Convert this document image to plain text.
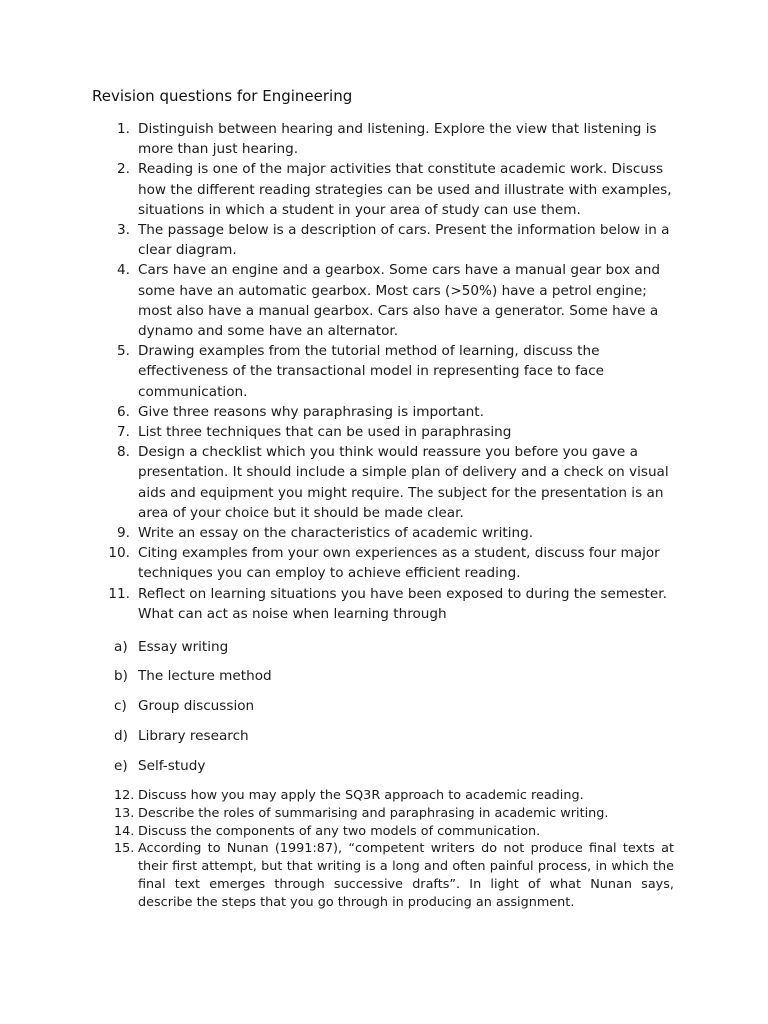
Revision questions for Engineering
1. Distinguish between hearing and listening. Explore the view that listening is more than just hearing.
2. Reading is one of the major activities that constitute academic work. Discuss how the different reading strategies can be used and illustrate with examples, situations in which a student in your area of study can use them.
3. The passage below is a description of cars. Present the information below in a clear diagram.
4. Cars have an engine and a gearbox. Some cars have a manual gear box and some have an automatic gearbox. Most cars (>50%) have a petrol engine; most also have a manual gearbox. Cars also have a generator. Some have a dynamo and some have an alternator.
5. Drawing examples from the tutorial method of learning, discuss the effectiveness of the transactional model in representing face to face communication.
6. Give three reasons why paraphrasing is important.
7. List three techniques that can be used in paraphrasing
8. Design a checklist which you think would reassure you before you gave a presentation. It should include a simple plan of delivery and a check on visual aids and equipment you might require. The subject for the presentation is an area of your choice but it should be made clear.
9. Write an essay on the characteristics of academic writing.
10. Citing examples from your own experiences as a student, discuss four major techniques you can employ to achieve efficient reading.
11. Reflect on learning situations you have been exposed to during the semester. What can act as noise when learning through
a) Essay writing
b) The lecture method
c) Group discussion
d) Library research
e) Self-study
12. Discuss how you may apply the SQ3R approach to academic reading.
13. Describe the roles of summarising and paraphrasing in academic writing.
14. Discuss the components of any two models of communication.
15. According to Nunan (1991:87), “competent writers do not produce final texts at their first attempt, but that writing is a long and often painful process, in which the final text emerges through successive drafts”. In light of what Nunan says, describe the steps that you go through in producing an assignment.
